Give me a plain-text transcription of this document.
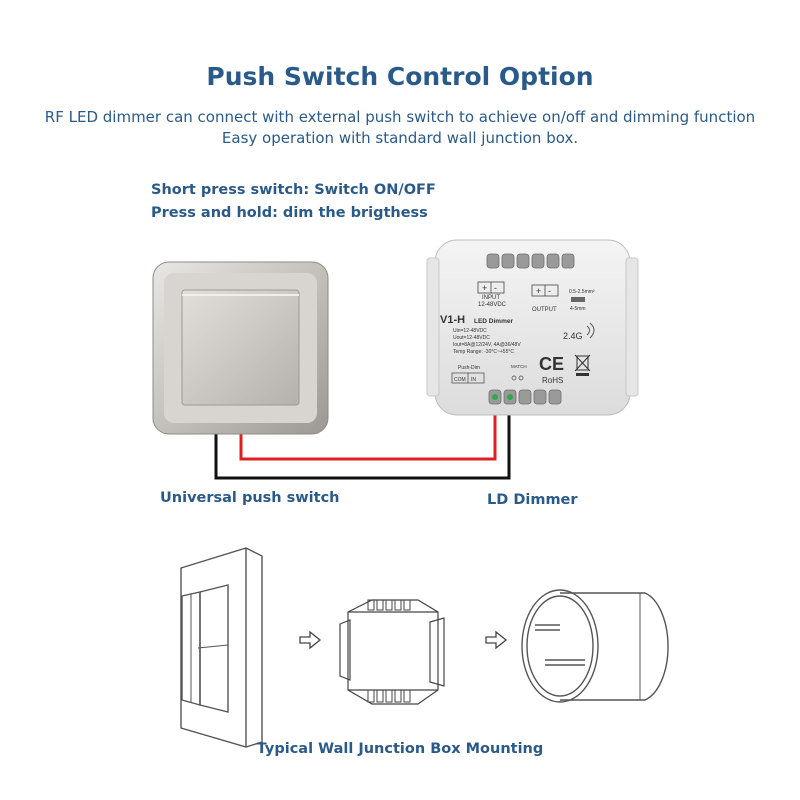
Push Switch Control Option
RF LED dimmer can connect with external push switch to achieve on/off and dimming function
Easy operation with standard wall junction box.
Short press switch: Switch ON/OFF
Press and hold: dim the brigthess
+ -	+ -
INPUT
12-48VDC
OUTPUT
0.5-2.5mm²
4-5mm
V1-H LED Dimmer
Uin=12-48VDC
Uout=12-48VDC
Iout=8A@12/24V, 4A@36/48V
Temp Range: -30°C~+55°C
Push-Dim	MATCH
COM IN
2.4G
CE
RoHS
Universal push switch	LD Dimmer
Typical Wall Junction Box Mounting
